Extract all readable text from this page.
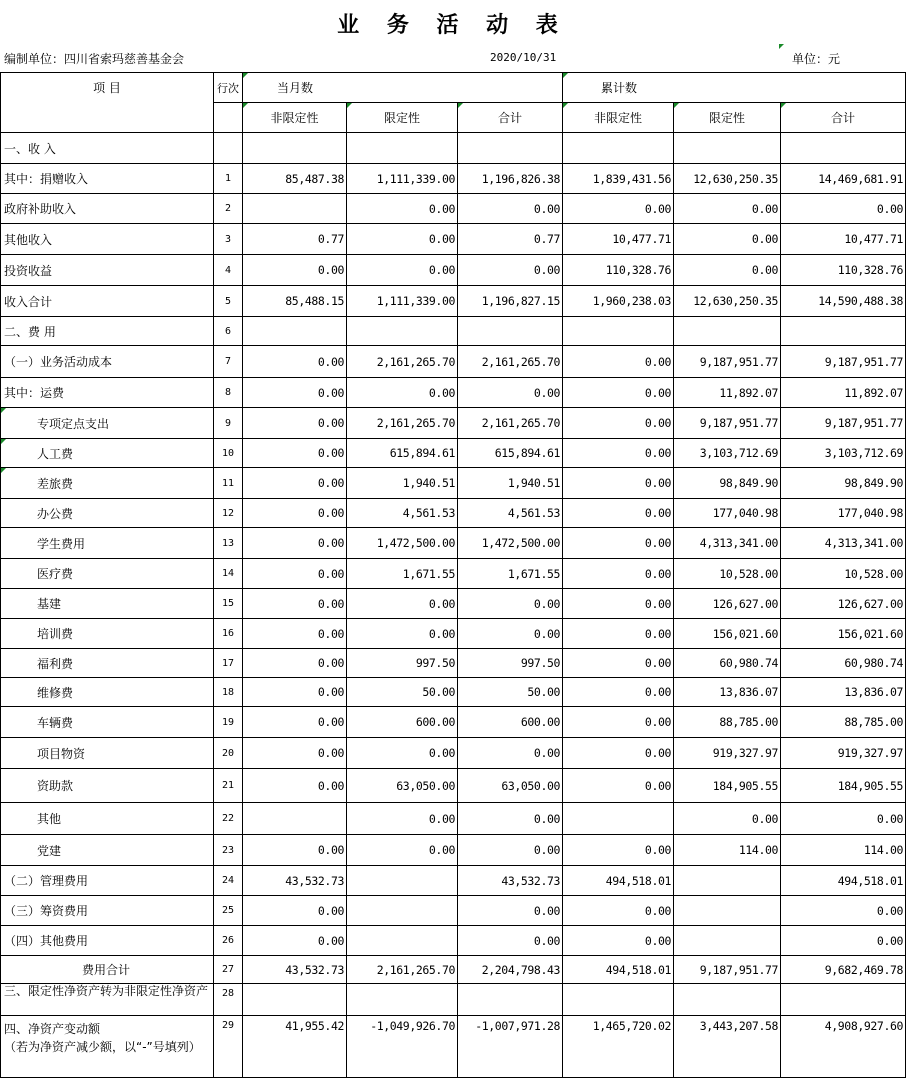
业 务 活 动 表
编制单位：四川省索玛慈善基金会	2020/10/31	单位：元
项 目	行次	当月数			累计数		

非限定性	限定性	合计	非限定性	限定性	合计
一、收 入							
其中：捐赠收入	1	85,487.38	1,111,339.00	1,196,826.38	1,839,431.56	12,630,250.35	14,469,681.91
政府补助收入	2		0.00	0.00	0.00	0.00	0.00
其他收入	3	0.77	0.00	0.77	10,477.71	0.00	10,477.71
投资收益	4	0.00	0.00	0.00	110,328.76	0.00	110,328.76
收入合计	5	85,488.15	1,111,339.00	1,196,827.15	1,960,238.03	12,630,250.35	14,590,488.38
二、费 用	6						
（一）业务活动成本	7	0.00	2,161,265.70	2,161,265.70	0.00	9,187,951.77	9,187,951.77
其中：运费	8	0.00	0.00	0.00	0.00	11,892.07	11,892.07

专项定点支出	9	0.00	2,161,265.70	2,161,265.70	0.00	9,187,951.77	9,187,951.77

人工费	10	0.00	615,894.61	615,894.61	0.00	3,103,712.69	3,103,712.69

差旅费	11	0.00	1,940.51	1,940.51	0.00	98,849.90	98,849.90
办公费	12	0.00	4,561.53	4,561.53	0.00	177,040.98	177,040.98
学生费用	13	0.00	1,472,500.00	1,472,500.00	0.00	4,313,341.00	4,313,341.00
医疗费	14	0.00	1,671.55	1,671.55	0.00	10,528.00	10,528.00
基建	15	0.00	0.00	0.00	0.00	126,627.00	126,627.00
培训费	16	0.00	0.00	0.00	0.00	156,021.60	156,021.60
福利费	17	0.00	997.50	997.50	0.00	60,980.74	60,980.74
维修费	18	0.00	50.00	50.00	0.00	13,836.07	13,836.07
车辆费	19	0.00	600.00	600.00	0.00	88,785.00	88,785.00
项目物资	20	0.00	0.00	0.00	0.00	919,327.97	919,327.97
资助款	21	0.00	63,050.00	63,050.00	0.00	184,905.55	184,905.55
其他	22		0.00	0.00		0.00	0.00
党建	23	0.00	0.00	0.00	0.00	114.00	114.00
（二）管理费用	24	43,532.73		43,532.73	494,518.01		494,518.01
（三）筹资费用	25	0.00		0.00	0.00		0.00
（四）其他费用	26	0.00		0.00	0.00		0.00
费用合计	27	43,532.73	2,161,265.70	2,204,798.43	494,518.01	9,187,951.77	9,682,469.78
三、限定性净资产转为非限定性净资产	28						

四、净资产变动额
（若为净资产减少额，以“-”号填列）	29	41,955.42	-1,049,926.70	-1,007,971.28	1,465,720.02	3,443,207.58	4,908,927.60
